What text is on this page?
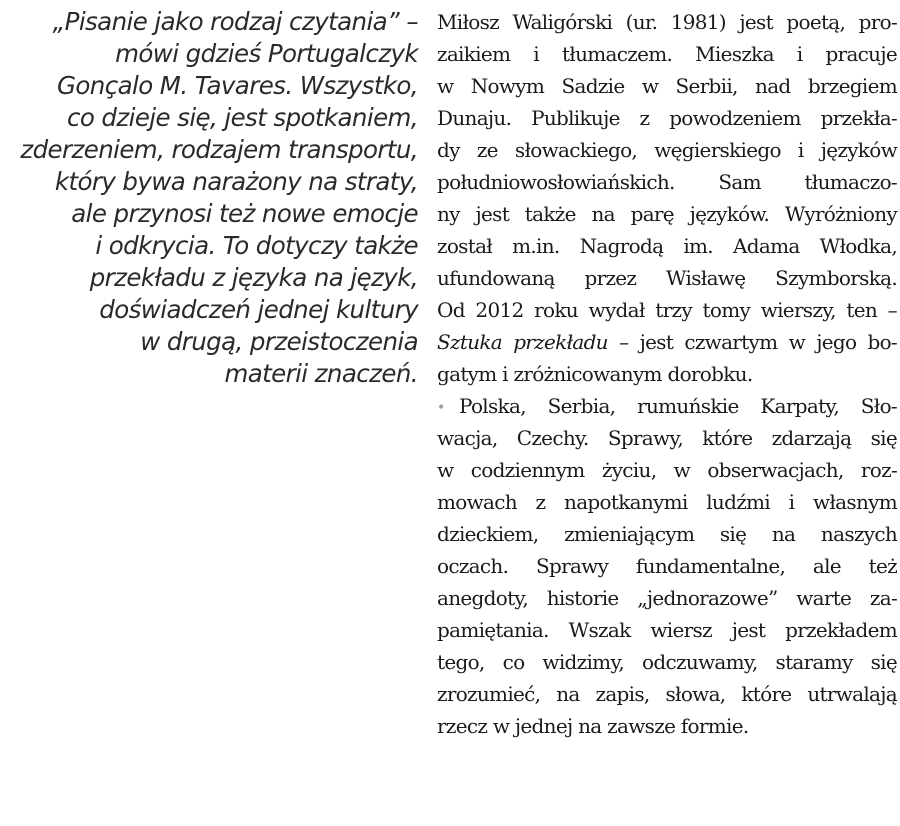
„Pisanie jako rodzaj czytania” –
mówi gdzieś Portugalczyk
Gonçalo M. Tavares. Wszystko,
co dzieje się, jest spotkaniem,
zderzeniem, rodzajem transportu,
który bywa narażony na straty,
ale przynosi też nowe emocje
i odkrycia. To dotyczy także
przekładu z języka na język,
doświadczeń jednej kultury
w drugą, przeistoczenia
materii znaczeń.
Miłosz Waligórski (ur. 1981) jest poetą, pro-
zaikiem i tłumaczem. Mieszka i pracuje
w Nowym Sadzie w Serbii, nad brzegiem
Dunaju. Publikuje z powodzeniem przekła-
dy ze słowackiego, węgierskiego i języków
południowosłowiańskich. Sam tłumaczo-
ny jest także na parę języków. Wyróżniony
został m.in. Nagrodą im. Adama Włodka,
ufundowaną przez Wisławę Szymborską.
Od 2012 roku wydał trzy tomy wierszy, ten –
Sztuka przekładu – jest czwartym w jego bo-
gatym i zróżnicowanym dorobku.
• Polska, Serbia, rumuńskie Karpaty, Sło-
wacja, Czechy. Sprawy, które zdarzają się
w codziennym życiu, w obserwacjach, roz-
mowach z napotkanymi ludźmi i własnym
dzieckiem, zmieniającym się na naszych
oczach. Sprawy fundamentalne, ale też
anegdoty, historie „jednorazowe” warte za-
pamiętania. Wszak wiersz jest przekładem
tego, co widzimy, odczuwamy, staramy się
zrozumieć, na zapis, słowa, które utrwalają
rzecz w jednej na zawsze formie.
